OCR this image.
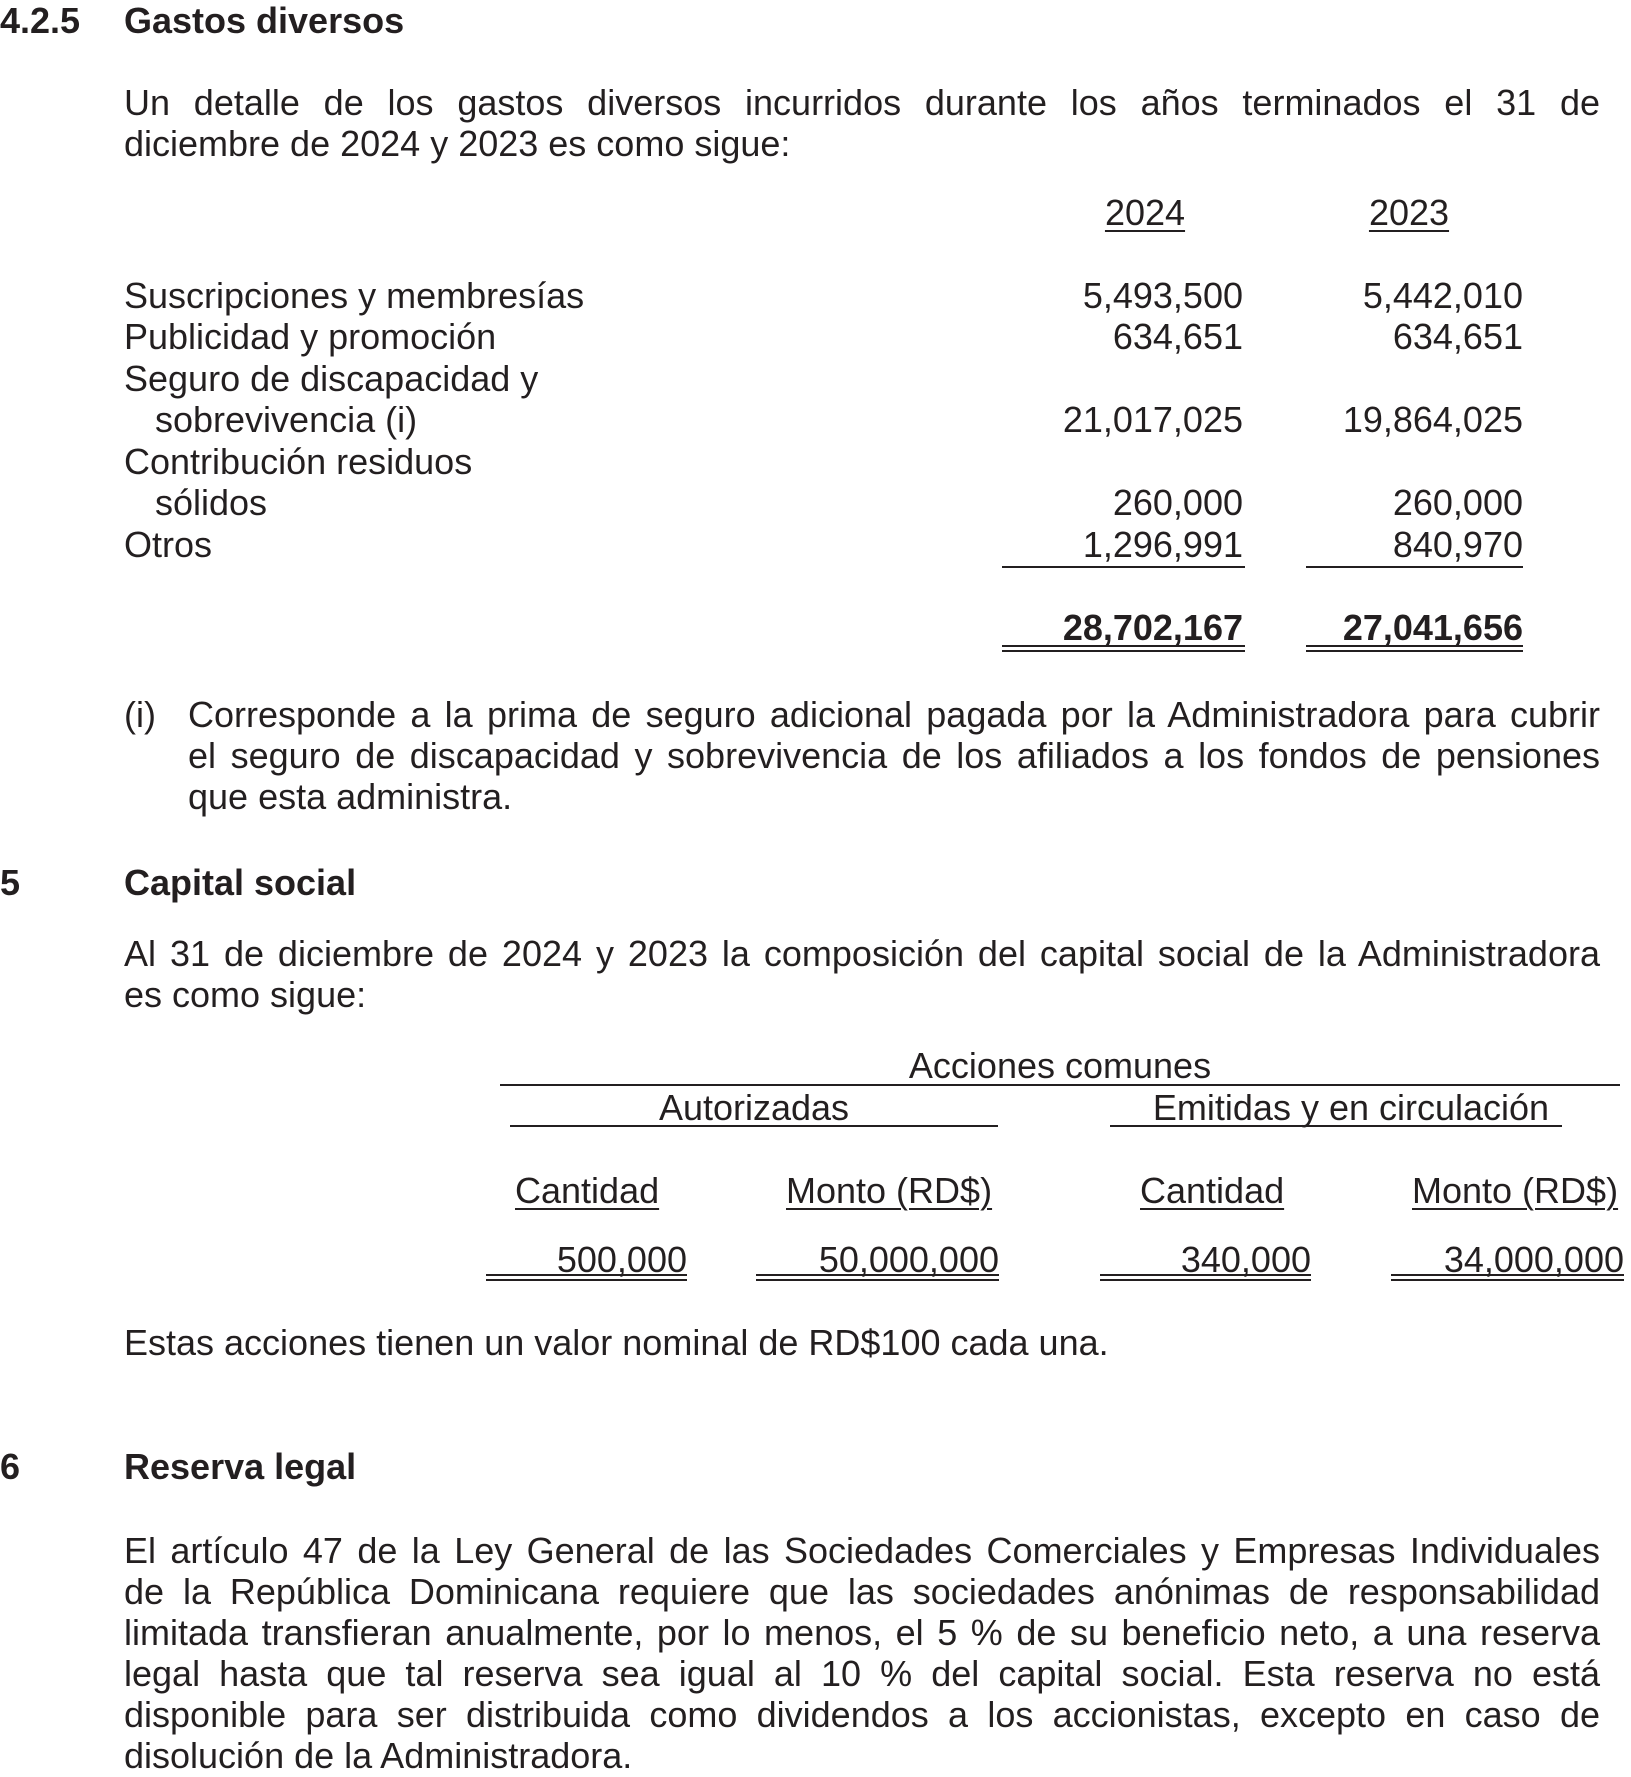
4.2.5 Gastos diversos
Un detalle de los gastos diversos incurridos durante los años terminados el 31 de
diciembre de 2024 y 2023 es como sigue:
2024	2023
Suscripciones y membresías	5,493,500	5,442,010
Publicidad y promoción	634,651	634,651
Seguro de discapacidad y
sobrevivencia (i)	21,017,025	19,864,025
Contribución residuos
sólidos	260,000	260,000
Otros	1,296,991	840,970
28,702,167	27,041,656
(i) Corresponde a la prima de seguro adicional pagada por la Administradora para cubrir
el seguro de discapacidad y sobrevivencia de los afiliados a los fondos de pensiones
que esta administra.
5	Capital social
Al 31 de diciembre de 2024 y 2023 la composición del capital social de la Administradora
es como sigue:
Acciones comunes
Autorizadas	Emitidas y en circulación
Cantidad	Monto (RD$)	Cantidad	Monto (RD$)
500,000	50,000,000	340,000	34,000,000
Estas acciones tienen un valor nominal de RD$100 cada una.
6	Reserva legal
El artículo 47 de la Ley General de las Sociedades Comerciales y Empresas Individuales
de la República Dominicana requiere que las sociedades anónimas de responsabilidad
limitada transfieran anualmente, por lo menos, el 5 % de su beneficio neto, a una reserva
legal hasta que tal reserva sea igual al 10 % del capital social. Esta reserva no está
disponible para ser distribuida como dividendos a los accionistas, excepto en caso de
disolución de la Administradora.
